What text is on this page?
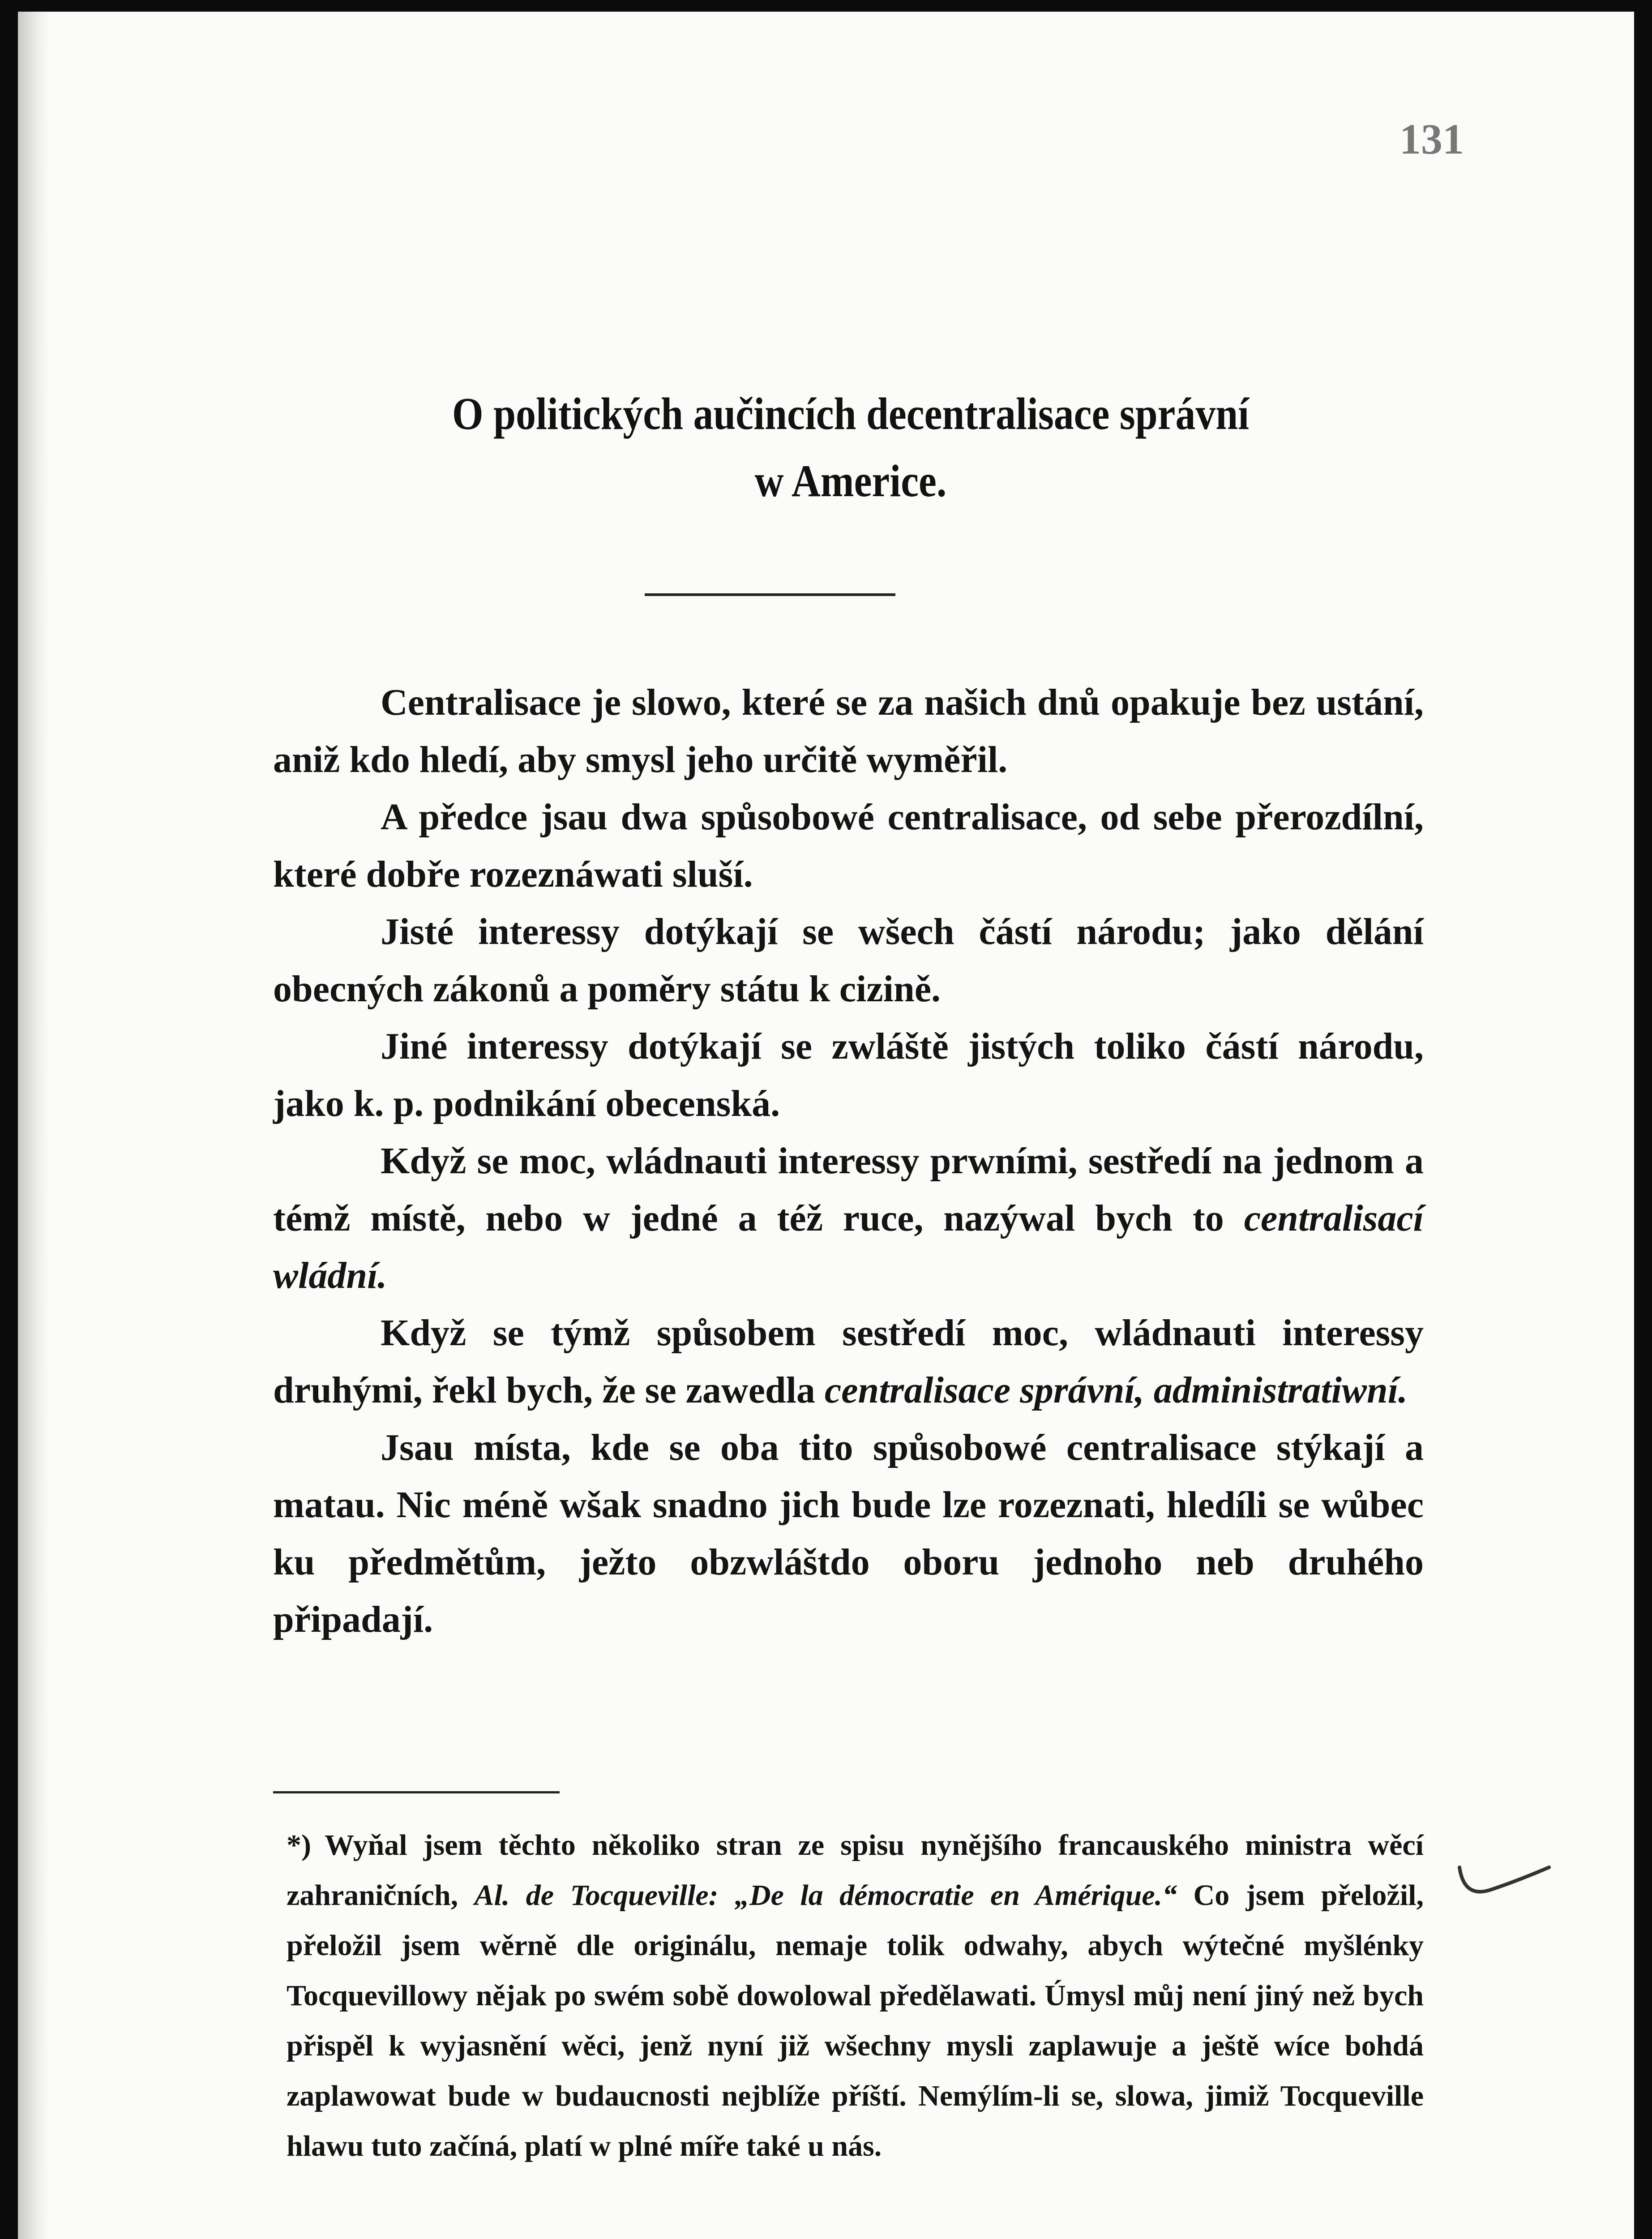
131
O politických aučincích decentralisace správní
w Americe.

Centralisace je slowo, které se za našich dnů opakuje bez ustání, aniž kdo hledí, aby smysl jeho určitě wyměřil.

A předce jsau dwa spůsobowé centralisace, od sebe přerozdílní, které dobře rozeznáwati sluší.

Jisté interessy dotýkají se wšech částí národu; jako dělání obecných zákonů a poměry státu k cizině.

Jiné interessy dotýkají se zwláště jistých toliko částí národu, jako k. p. podnikání obecenská.

Když se moc, wládnauti interessy prwními, sestředí na jednom a témž místě, nebo w jedné a též ruce, nazýwal bych to centralisací wládní.

Když se týmž spůsobem sestředí moc, wládnauti interessy druhými, řekl bych, že se zawedla centralisace správní, administratiwní.

Jsau místa, kde se oba tito spůsobowé centralisace stýkají a matau. Nic méně wšak snadno jich bude lze rozeznati, hledíli se wůbec ku předmětům, ježto obzwláštdo oboru jednoho neb druhého připadají.

*) Wyňal jsem těchto několiko stran ze spisu nynějšího francauského ministra wěcí zahraničních, Al. de Tocqueville: „De la démocratie en Amérique.“ Co jsem přeložil, přeložil jsem wěrně dle originálu, nemaje tolik odwahy, abych wýtečné myšlénky Tocquevillowy nějak po swém sobě dowolowal předělawati. Úmysl můj není jiný než bych přispěl k wyjasnění wěci, jenž nyní již wšechny mysli zaplawuje a ještě wíce bohdá zaplawowat bude w budaucnosti nejblíže příští. Nemýlím-li se, slowa, jimiž Tocqueville hlawu tuto začíná, platí w plné míře také u nás.
